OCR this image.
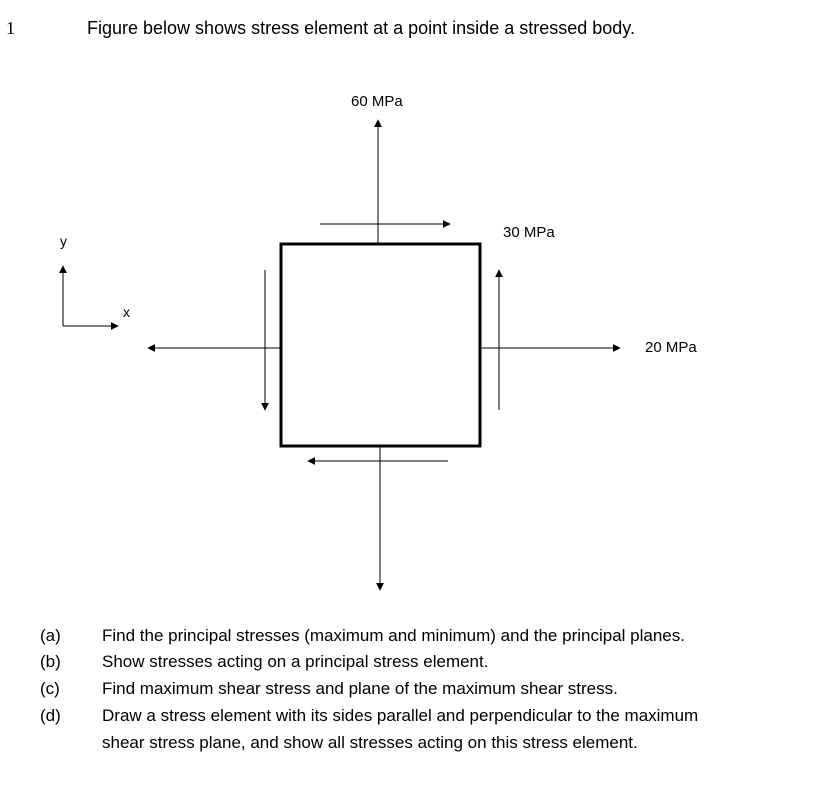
1	Figure below shows stress element at a point inside a stressed body.
60 MPa
30 MPa
20 MPa
y
x
(a) Find the principal stresses (maximum and minimum) and the principal planes.
(b) Show stresses acting on a principal stress element.
(c) Find maximum shear stress and plane of the maximum shear stress.
(d) Draw a stress element with its sides parallel and perpendicular to the maximum
shear stress plane, and show all stresses acting on this stress element.
